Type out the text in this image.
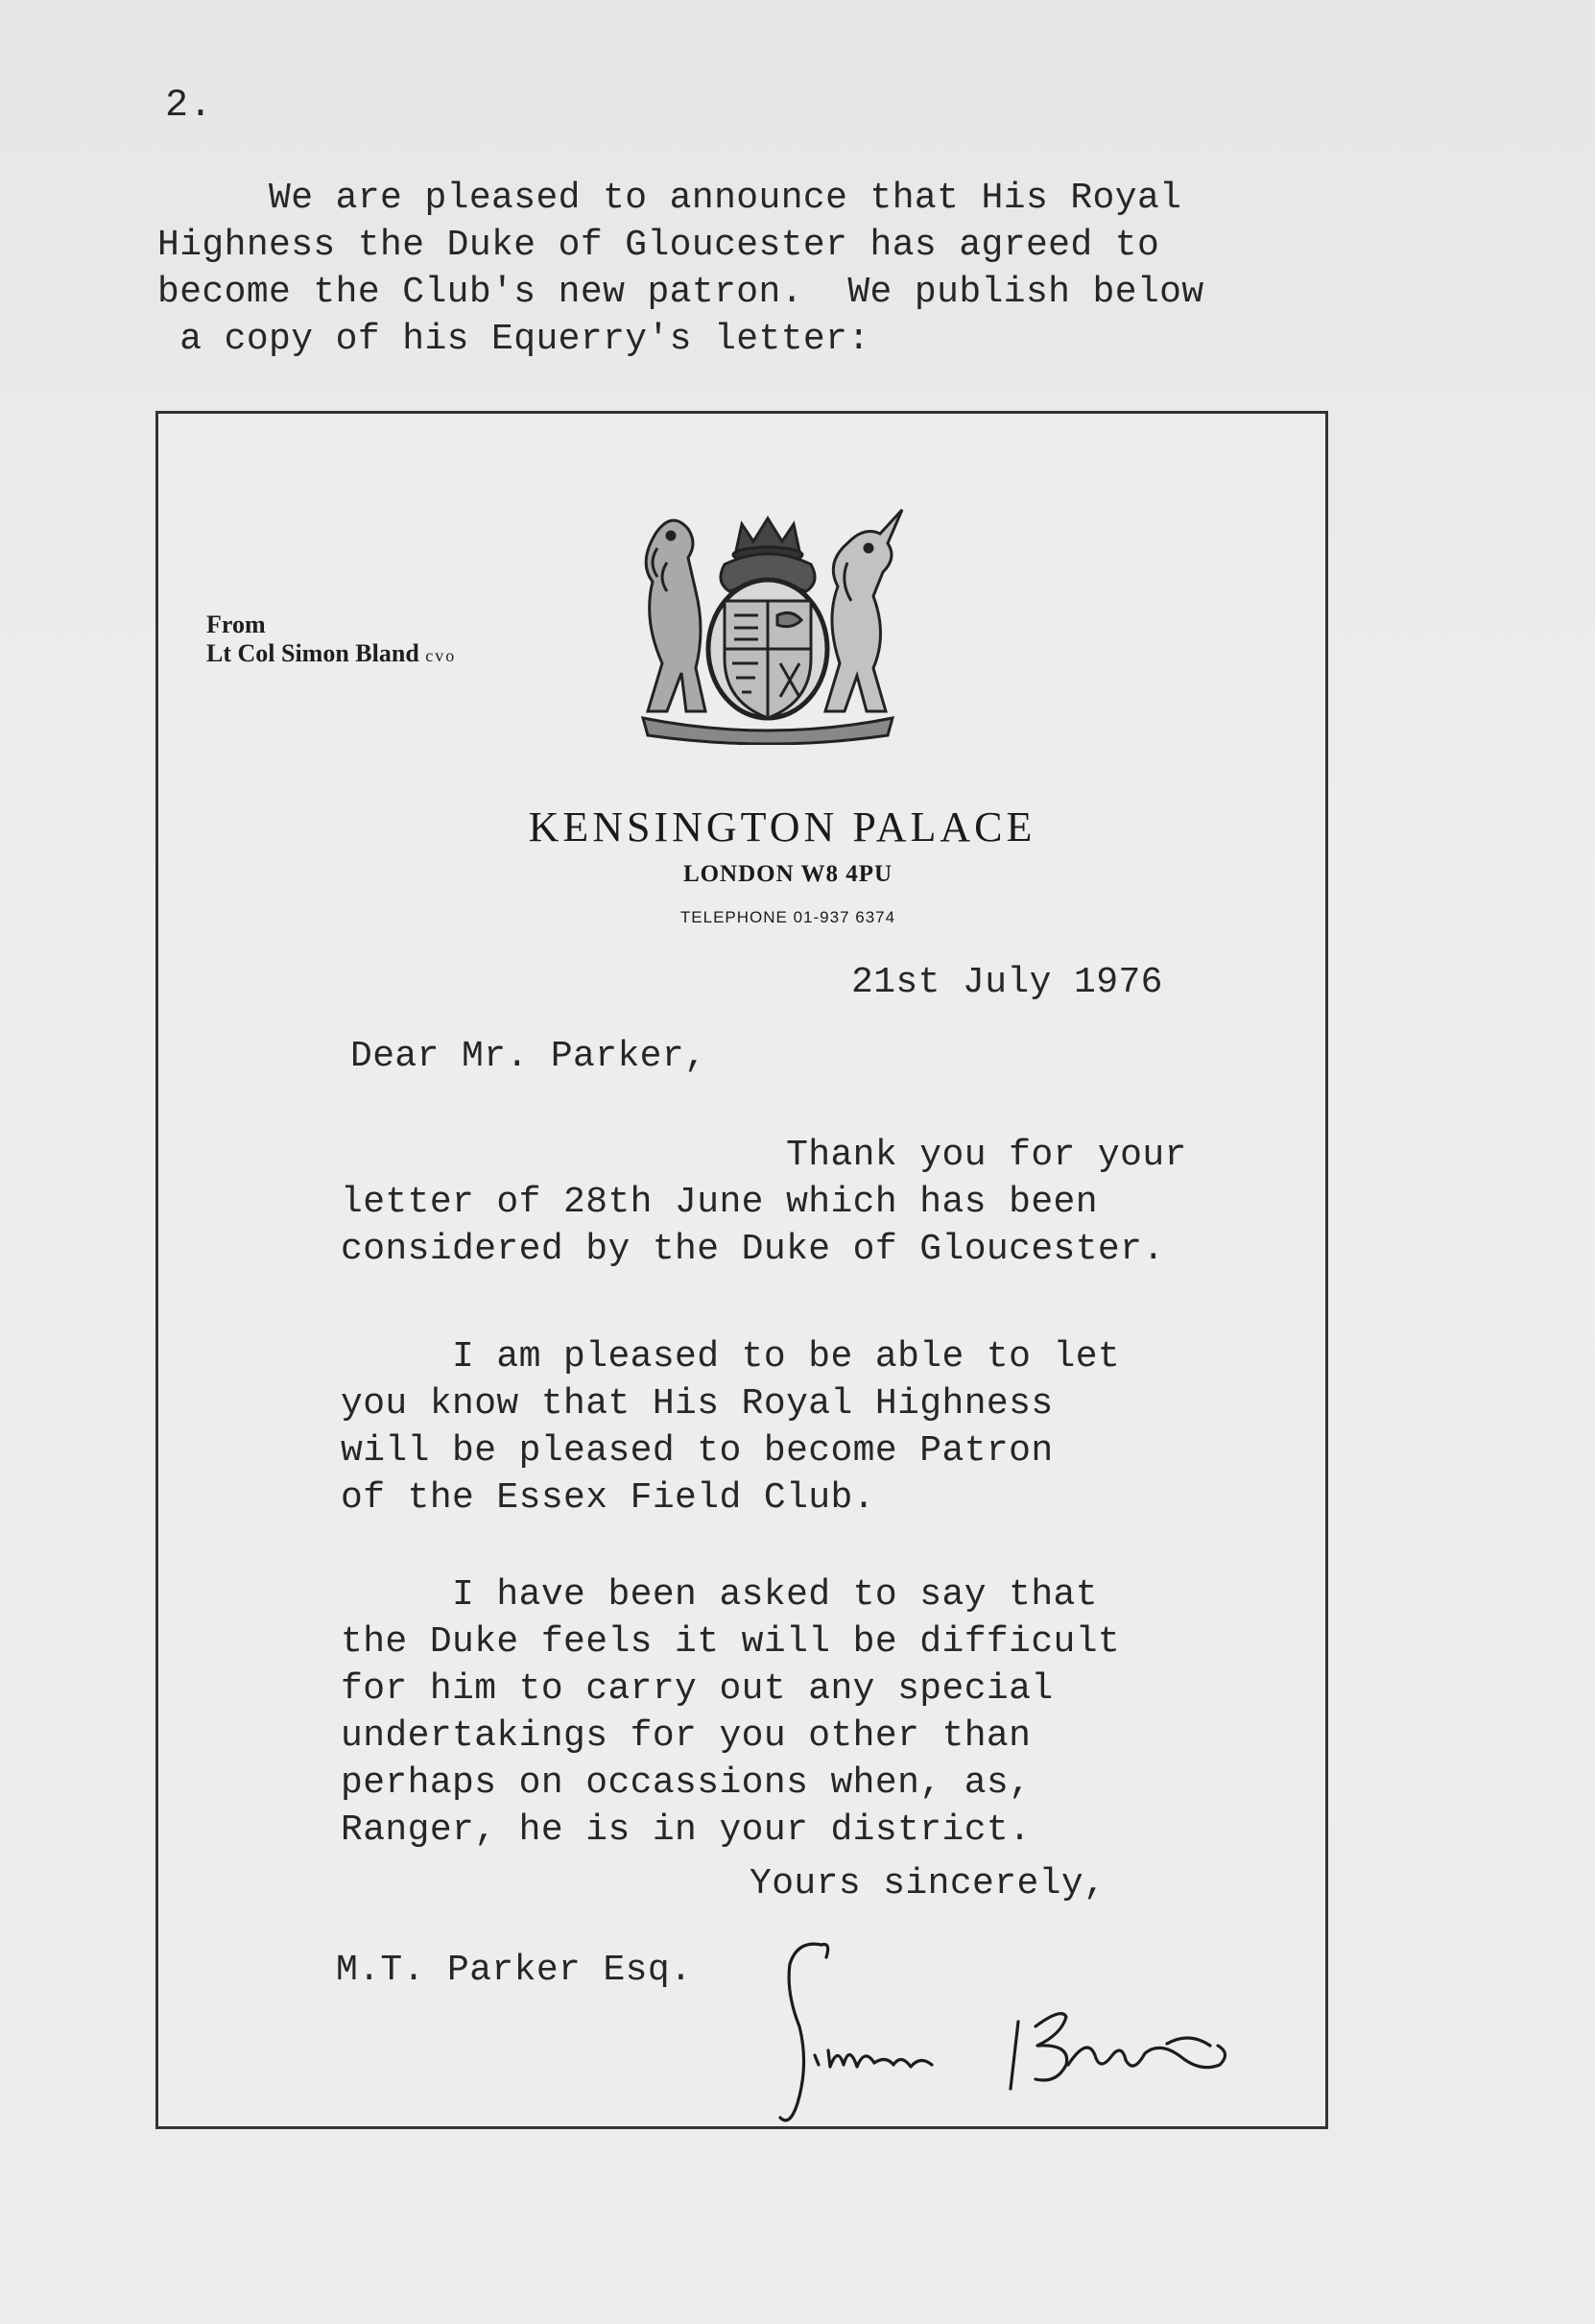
2.
We are pleased to announce that His Royal
Highness the Duke of Gloucester has agreed to
become the Club's new patron.  We publish below
a copy of his Equerry's letter:
From
Lt Col Simon Bland cvo
KENSINGTON PALACE
LONDON W8 4PU
TELEPHONE 01-937 6374
21st July 1976
Dear Mr. Parker,
Thank you for your
letter of 28th June which has been
considered by the Duke of Gloucester.
I am pleased to be able to let
you know that His Royal Highness
will be pleased to become Patron
of the Essex Field Club.
I have been asked to say that
the Duke feels it will be difficult
for him to carry out any special
undertakings for you other than
perhaps on occassions when, as,
Ranger, he is in your district.
Yours sincerely,
M.T. Parker Esq.
